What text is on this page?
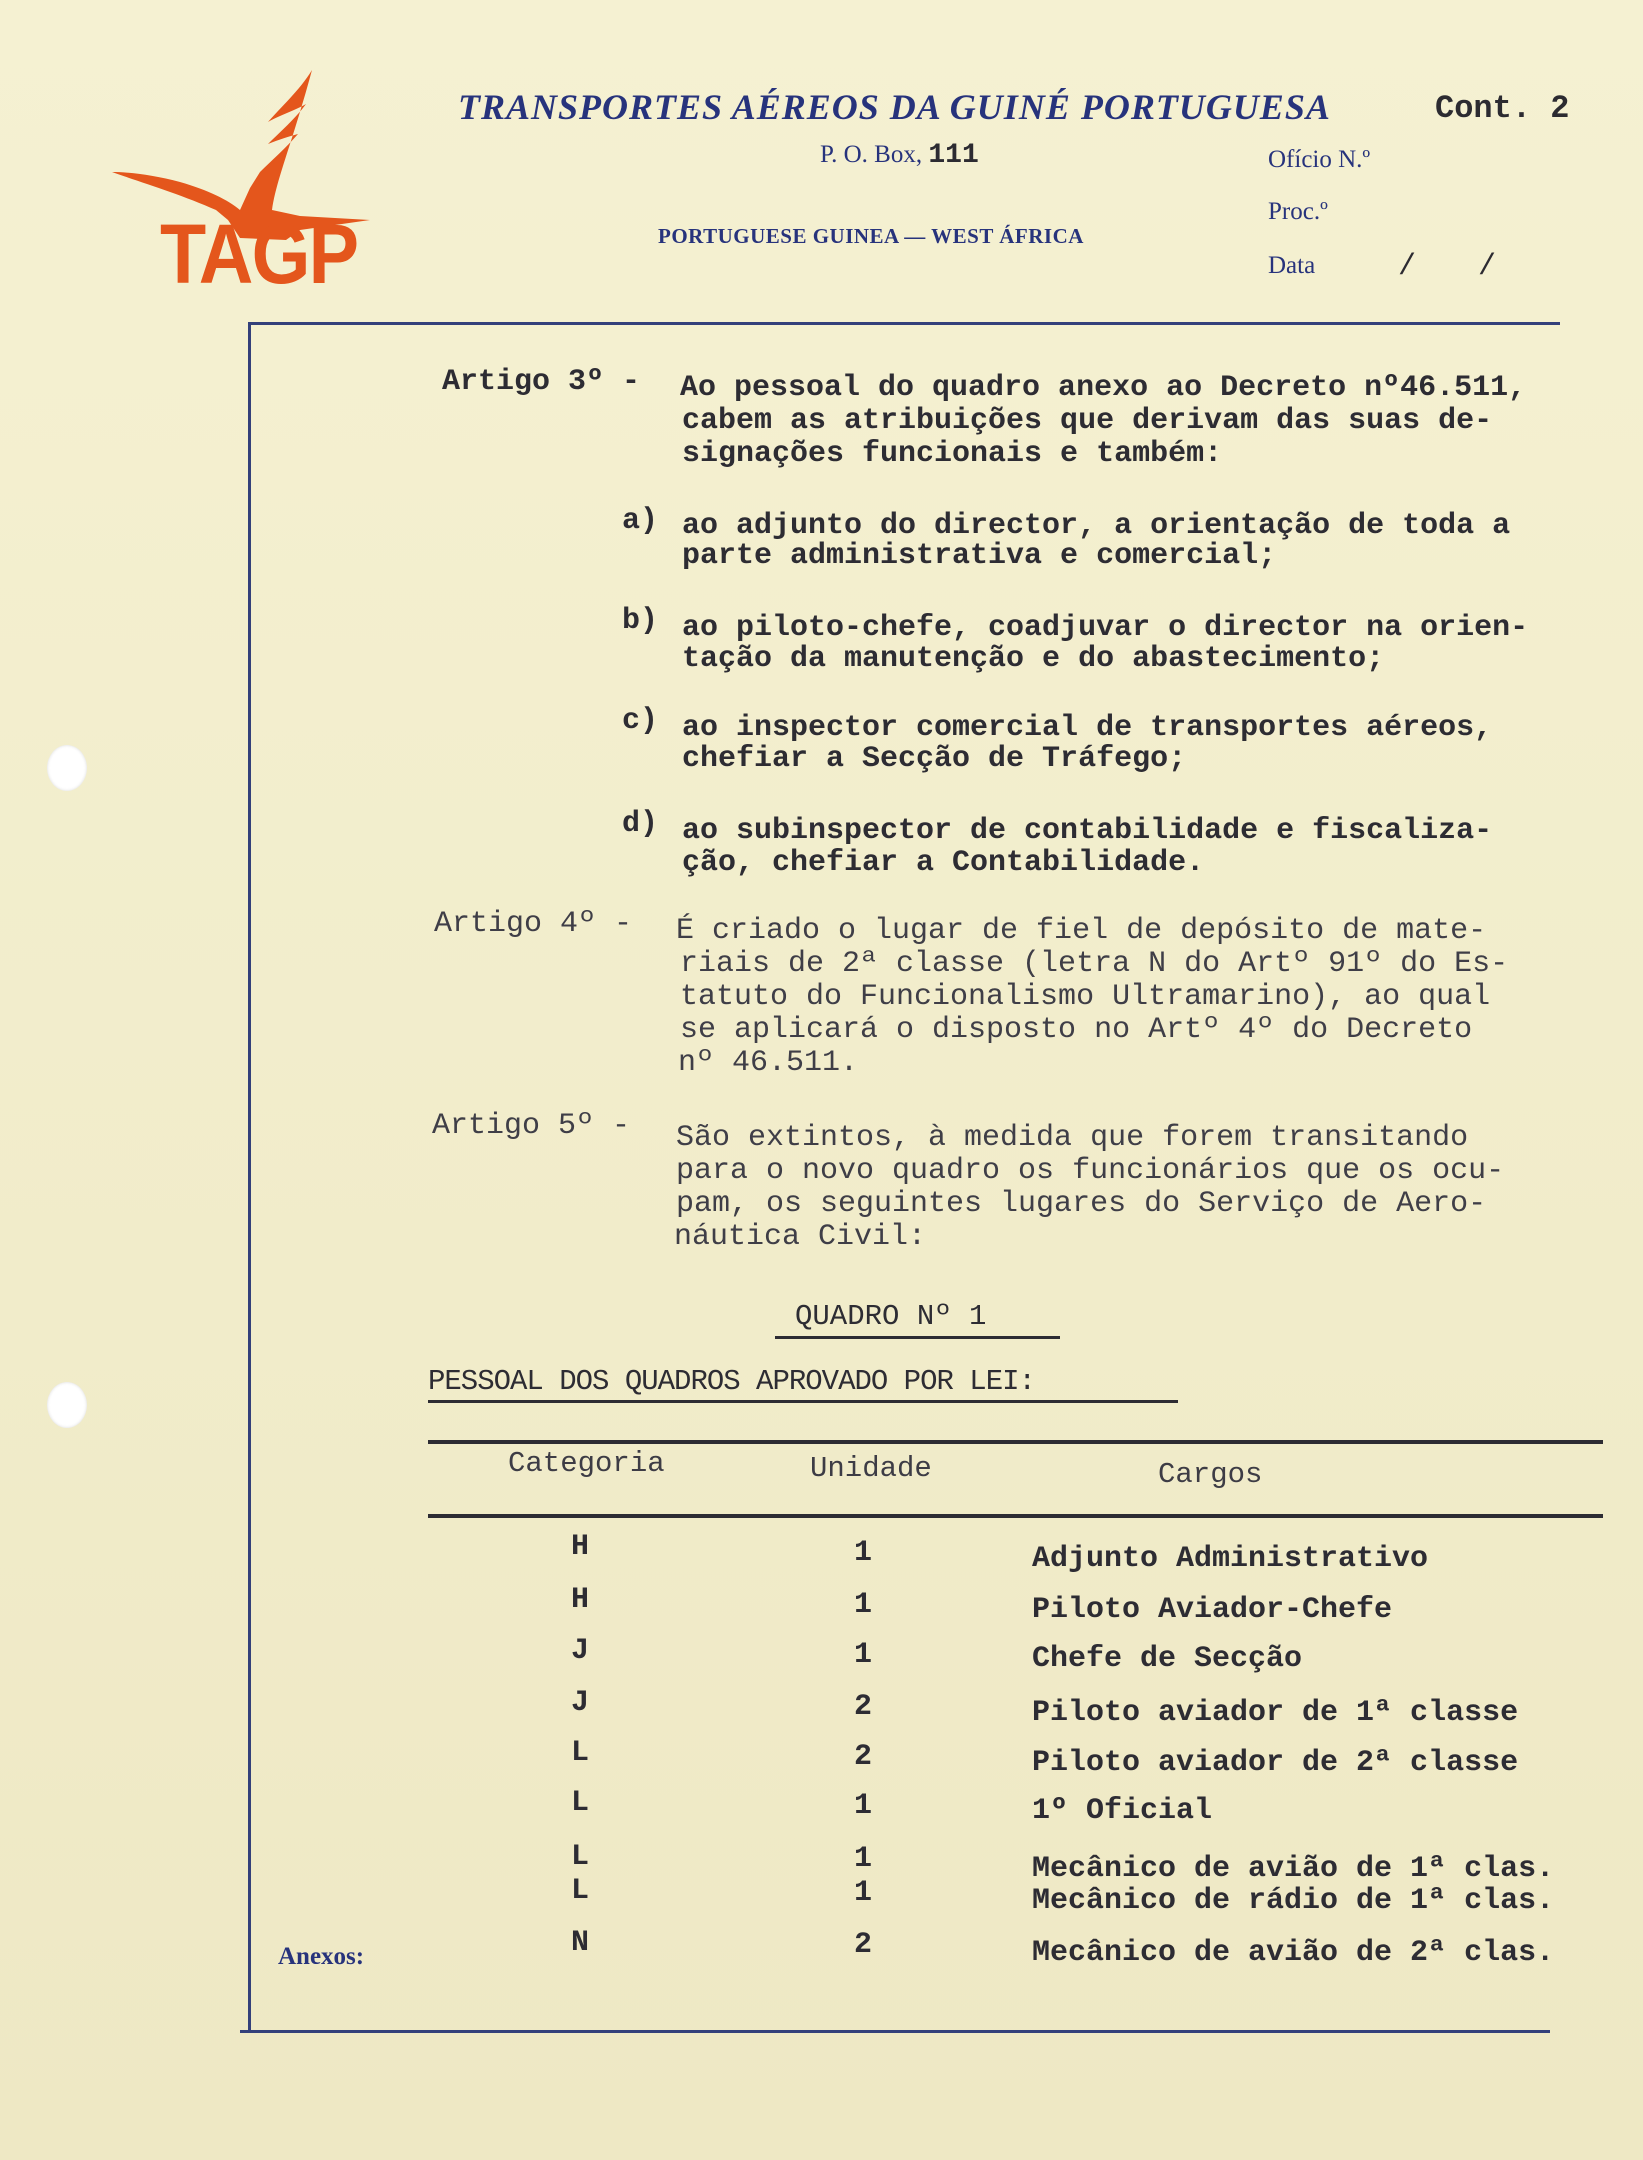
TAGP
TRANSPORTES AÉREOS DA GUINÉ PORTUGUESA
P. O. Box, 111
PORTUGUESE GUINEA — WEST ÁFRICA
Cont. 2
Ofício N.º
Proc.º
Data	/ /
Artigo 3º - Ao pessoal do quadro anexo ao Decreto nº46.511,
cabem as atribuições que derivam das suas de-
signações funcionais e também:
a) ao adjunto do director, a orientação de toda a
parte administrativa e comercial;
b) ao piloto-chefe, coadjuvar o director na orien-
tação da manutenção e do abastecimento;
c) ao inspector comercial de transportes aéreos,
chefiar a Secção de Tráfego;
d) ao subinspector de contabilidade e fiscaliza-
ção, chefiar a Contabilidade.
Artigo 4º - É criado o lugar de fiel de depósito de mate-
riais de 2ª classe (letra N do Artº 91º do Es-
tatuto do Funcionalismo Ultramarino), ao qual
se aplicará o disposto no Artº 4º do Decreto
nº 46.511.
Artigo 5º - São extintos, à medida que forem transitando
para o novo quadro os funcionários que os ocu-
pam, os seguintes lugares do Serviço de Aero-
náutica Civil:
QUADRO Nº 1
PESSOAL DOS QUADROS APROVADO POR LEI:
Categoria	Unidade	Cargos
H	1	Adjunto Administrativo
H	1	Piloto Aviador-Chefe
J	1	Chefe de Secção
J	2	Piloto aviador de 1ª classe
L	2	Piloto aviador de 2ª classe
L	1	1º Oficial
L	1	Mecânico de avião de 1ª clas.
L	1	Mecânico de rádio de 1ª clas.
N	2	Mecânico de avião de 2ª clas.
Anexos:
